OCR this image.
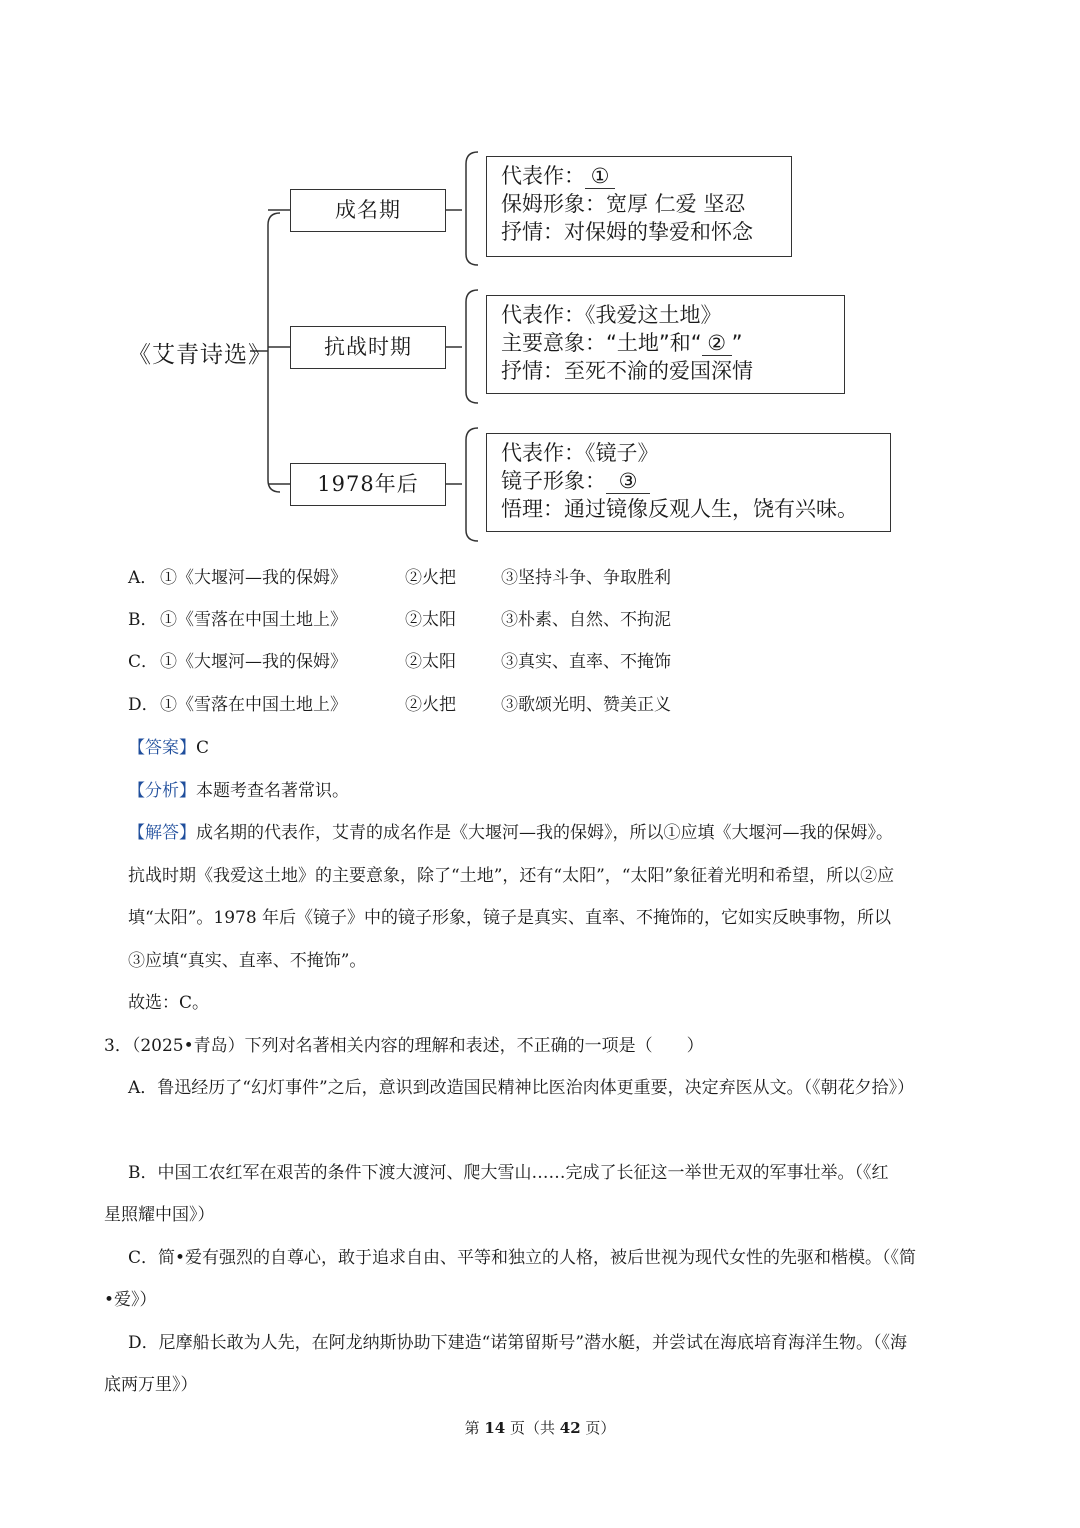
《艾青诗选》
成名期
抗战时期
1978年后
代表作： ①
保姆形象：宽厚 仁爱 坚忍
抒情：对保姆的挚爱和怀念
代表作：《我爱这土地》
主要意象：“土地”和“ ② ”
抒情：至死不渝的爱国深情
代表作：《镜子》
镜子形象： ③
悟理：通过镜像反观人生，饶有兴味。
A． ①《大堰河—我的保姆》	②火把	③坚持斗争、争取胜利
B． ①《雪落在中国土地上》	②太阳	③朴素、自然、不拘泥
C． ①《大堰河—我的保姆》	②太阳	③真实、直率、不掩饰
D． ①《雪落在中国土地上》	②火把	③歌颂光明、赞美正义
【答案】C
【分析】本题考查名著常识。
【解答】成名期的代表作，艾青的成名作是《大堰河—我的保姆》，所以①应填《大堰河—我的保姆》。
抗战时期《我爱这土地》的主要意象，除了“土地”，还有“太阳”，“太阳”象征着光明和希望，所以②应
填“太阳”。1978 年后《镜子》中的镜子形象，镜子是真实、直率、不掩饰的，它如实反映事物，所以
③应填“真实、直率、不掩饰”。
故选：C。
3．（2025•青岛）下列对名著相关内容的理解和表述，不正确的一项是（　　）
A．鲁迅经历了“幻灯事件”之后，意识到改造国民精神比医治肉体更重要，决定弃医从文。（《朝花夕拾》）
B．中国工农红军在艰苦的条件下渡大渡河、爬大雪山……完成了长征这一举世无双的军事壮举。（《红
星照耀中国》）
C．简•爱有强烈的自尊心，敢于追求自由、平等和独立的人格，被后世视为现代女性的先驱和楷模。（《简
•爱》）
D．尼摩船长敢为人先，在阿龙纳斯协助下建造“诺第留斯号”潜水艇，并尝试在海底培育海洋生物。（《海
底两万里》）
第 14 页（共 42 页）
